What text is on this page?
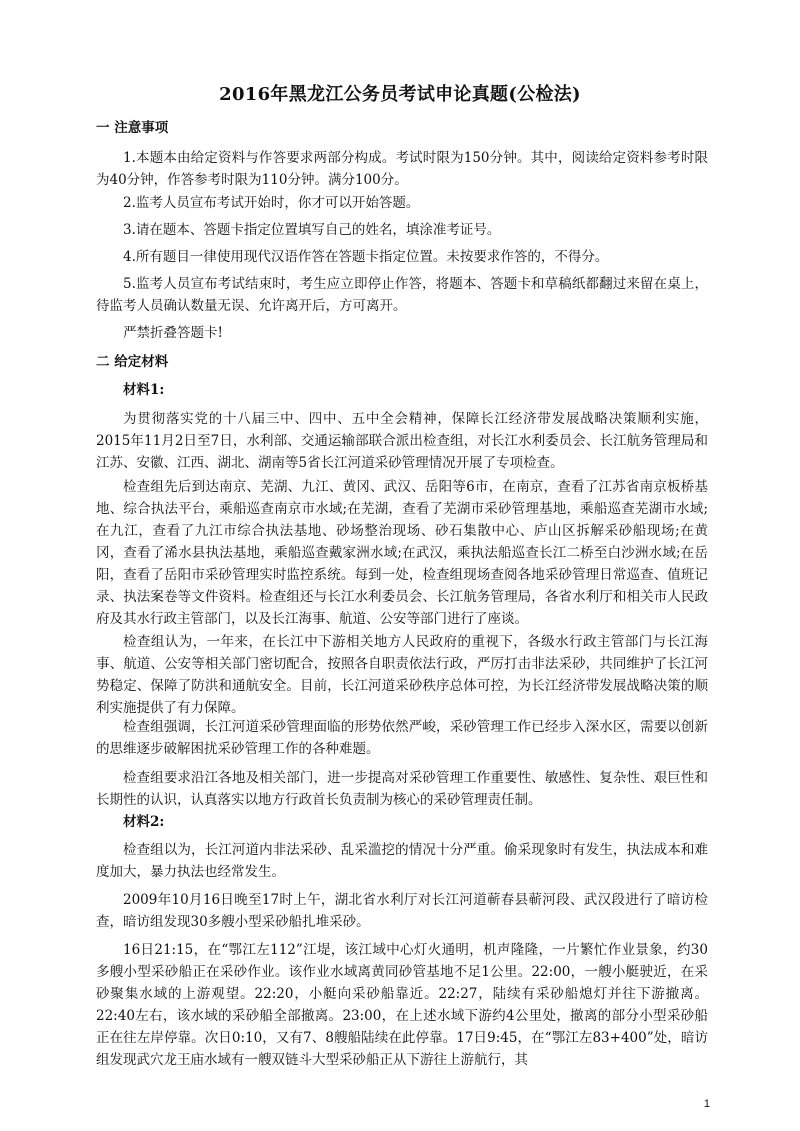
2016年黑龙江公务员考试申论真题(公检法)
一 注意事项

1.本题本由给定资料与作答要求两部分构成。考试时限为150分钟。其中，阅读给定资料参考时限为40分钟，作答参考时限为110分钟。满分100分。

2.监考人员宣布考试开始时，你才可以开始答题。

3.请在题本、答题卡指定位置填写自己的姓名，填涂准考证号。

4.所有题目一律使用现代汉语作答在答题卡指定位置。未按要求作答的，不得分。

5.监考人员宣布考试结束时，考生应立即停止作答，将题本、答题卡和草稿纸都翻过来留在桌上，待监考人员确认数量无误、允许离开后，方可离开。

严禁折叠答题卡!

二 给定材料
材料1:

为贯彻落实党的十八届三中、四中、五中全会精神，保障长江经济带发展战略决策顺利实施，2015年11月2日至7日，水利部、交通运输部联合派出检查组，对长江水利委员会、长江航务管理局和江苏、安徽、江西、湖北、湖南等5省长江河道采砂管理情况开展了专项检查。

检查组先后到达南京、芜湖、九江、黄冈、武汉、岳阳等6市，在南京，查看了江苏省南京板桥基地、综合执法平台，乘船巡查南京市水域;在芜湖，查看了芜湖市采砂管理基地，乘船巡查芜湖市水域;在九江，查看了九江市综合执法基地、砂场整治现场、砂石集散中心、庐山区拆解采砂船现场;在黄冈，查看了浠水县执法基地，乘船巡查戴家洲水域;在武汉，乘执法船巡查长江二桥至白沙洲水域;在岳阳，查看了岳阳市采砂管理实时监控系统。每到一处，检查组现场查阅各地采砂管理日常巡查、值班记录、执法案卷等文件资料。检查组还与长江水利委员会、长江航务管理局，各省水利厅和相关市人民政府及其水行政主管部门，以及长江海事、航道、公安等部门进行了座谈。

检查组认为，一年来，在长江中下游相关地方人民政府的重视下，各级水行政主管部门与长江海事、航道、公安等相关部门密切配合，按照各自职责依法行政，严厉打击非法采砂，共同维护了长江河势稳定、保障了防洪和通航安全。目前，长江河道采砂秩序总体可控，为长江经济带发展战略决策的顺利实施提供了有力保障。

检查组强调，长江河道采砂管理面临的形势依然严峻，采砂管理工作已经步入深水区，需要以创新的思维逐步破解困扰采砂管理工作的各种难题。

检查组要求沿江各地及相关部门，进一步提高对采砂管理工作重要性、敏感性、复杂性、艰巨性和长期性的认识，认真落实以地方行政首长负责制为核心的采砂管理责任制。

材料2:

检查组以为，长江河道内非法采砂、乱采滥挖的情况十分严重。偷采现象时有发生，执法成本和难度加大，暴力执法也经常发生。

2009年10月16日晚至17时上午，湖北省水利厅对长江河道蕲春县蕲河段、武汉段进行了暗访检查，暗访组发现30多艘小型采砂船扎堆采砂。

16日21:15，在“鄂江左112”江堤，该江域中心灯火通明，机声隆隆，一片繁忙作业景象，约30多艘小型采砂船正在采砂作业。该作业水域离黄同砂管基地不足1公里。22:00，一艘小艇驶近，在采砂聚集水域的上游观望。22:20，小艇向采砂船靠近。22:27，陆续有采砂船熄灯并往下游撤离。22:40左右，该水域的采砂船全部撤离。23:00，在上述水域下游约4公里处，撤离的部分小型采砂船正在往左岸停靠。次日0:10，又有7、8艘船陆续在此停靠。17日9:45，在“鄂江左83+400”处，暗访组发现武穴龙王庙水域有一艘双链斗大型采砂船正从下游往上游航行，其

1
